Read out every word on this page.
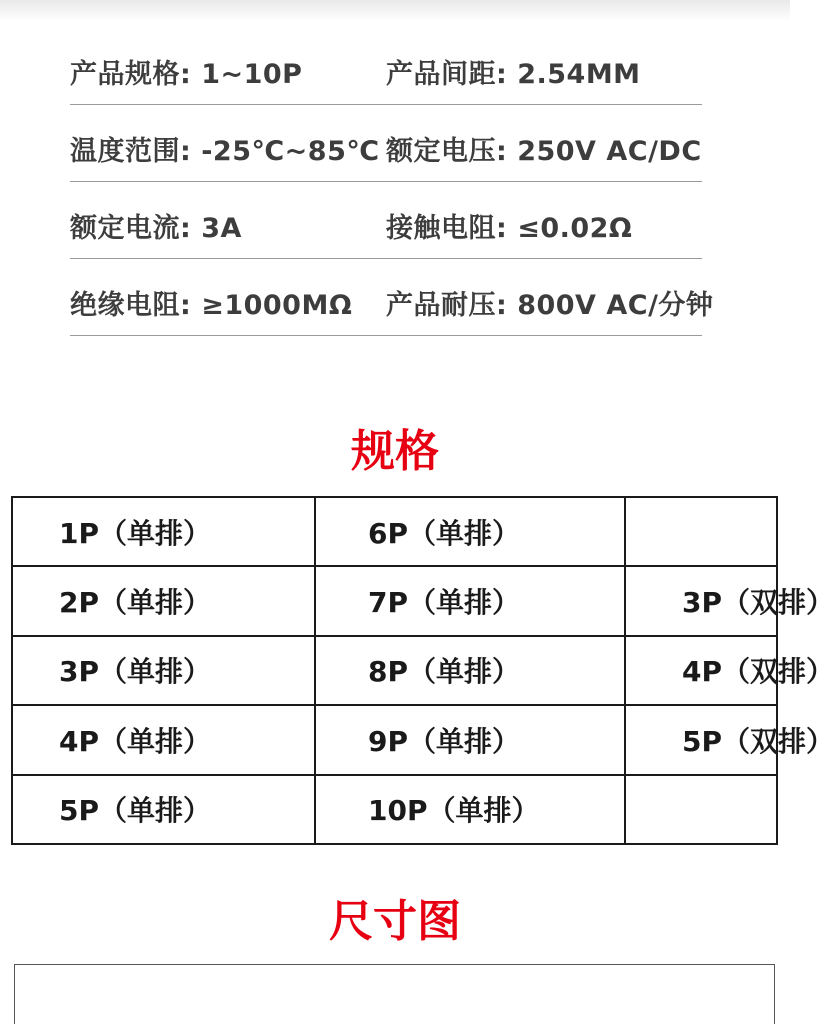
产品规格: 1~10P	产品间距: 2.54MM
温度范围: -25℃~85℃ 额定电压: 250V AC/DC
额定电流: 3A	接触电阻: ≤0.02Ω
绝缘电阻: ≥1000MΩ 产品耐压: 800V AC/分钟
规格
1P（单排）	6P（单排）	
2P（单排）	7P（单排）	3P（双排）
3P（单排）	8P（单排）	4P（双排）
4P（单排）	9P（单排）	5P（双排）
5P（单排）	10P（单排）	
尺寸图
